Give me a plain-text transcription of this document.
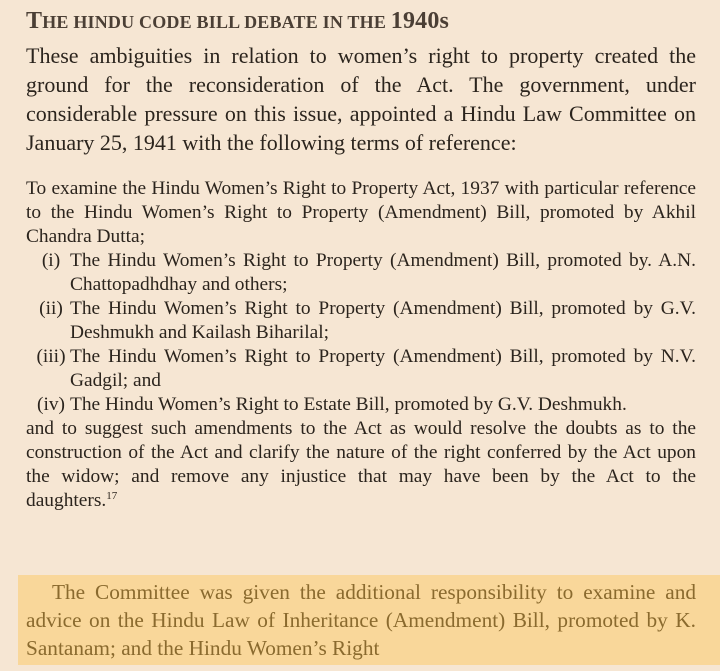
THE HINDU CODE BILL DEBATE IN THE 1940s

These ambiguities in relation to women’s right to property created the ground for the reconsideration of the Act. The government, under considerable pressure on this issue, appointed a Hindu Law Committee on January 25, 1941 with the following terms of reference:

To examine the Hindu Women’s Right to Property Act, 1937 with particular reference to the Hindu Women’s Right to Property (Amendment) Bill, promoted by Akhil Chandra Dutta;

(i) The Hindu Women’s Right to Property (Amendment) Bill, promoted by. A.N. Chattopadhdhay and others;
(ii) The Hindu Women’s Right to Property (Amendment) Bill, promoted by G.V. Deshmukh and Kailash Biharilal;
(iii) The Hindu Women’s Right to Property (Amendment) Bill, promoted by N.V. Gadgil; and
(iv) The Hindu Women’s Right to Estate Bill, promoted by G.V. Deshmukh.

and to suggest such amendments to the Act as would resolve the doubts as to the construction of the Act and clarify the nature of the right conferred by the Act upon the widow; and remove any injustice that may have been by the Act to the daughters.$^{17}$

The Committee was given the additional responsibility to examine and advice on the Hindu Law of Inheritance (Amendment) Bill, promoted by K. Santanam; and the Hindu Women’s Right
